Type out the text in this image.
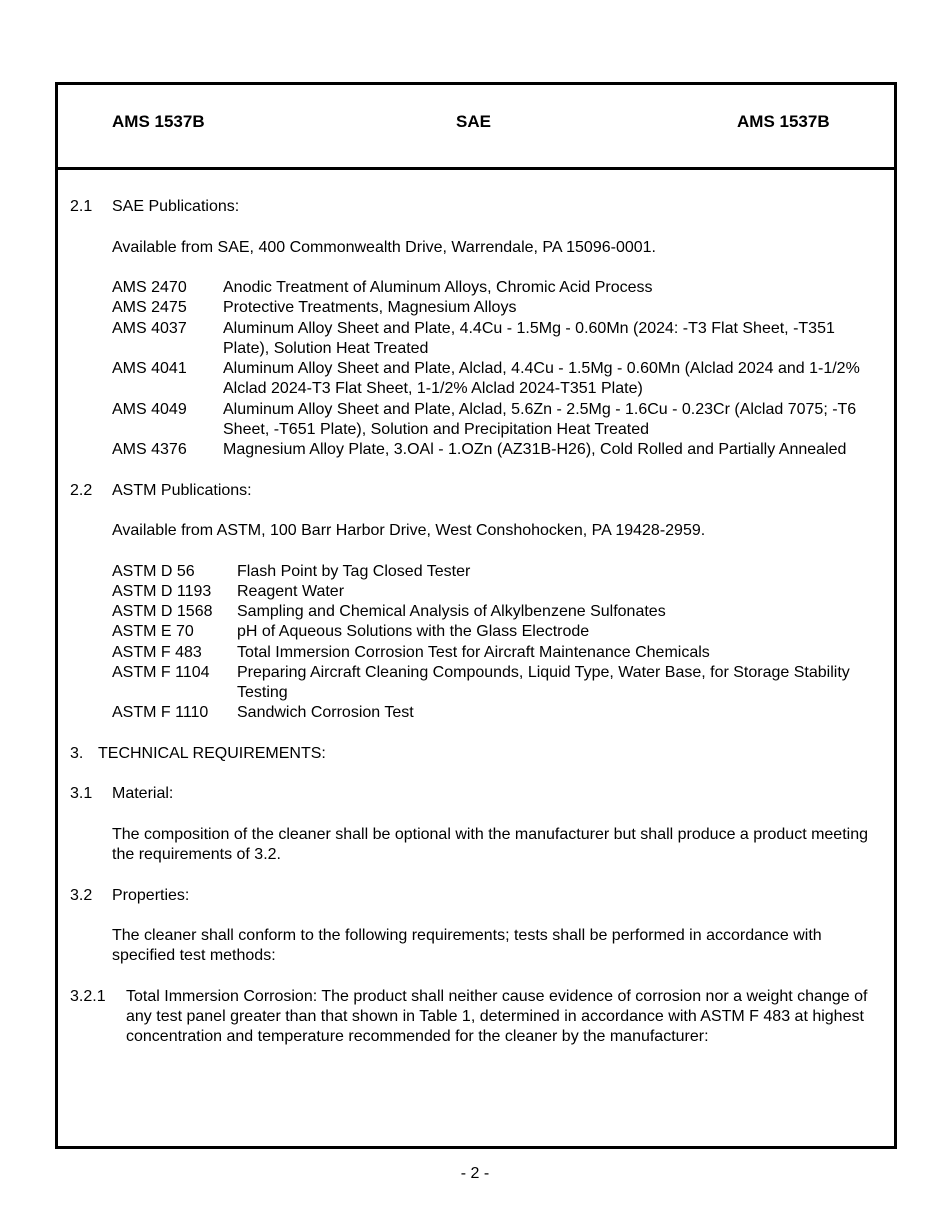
AMS 1537B	SAE	AMS 1537B
2.1	SAE Publications:
Available from SAE, 400 Commonwealth Drive, Warrendale, PA 15096-0001.
AMS 2470	Anodic Treatment of Aluminum Alloys, Chromic Acid Process
AMS 2475	Protective Treatments, Magnesium Alloys
AMS 4037	Aluminum Alloy Sheet and Plate, 4.4Cu - 1.5Mg - 0.60Mn (2024: -T3 Flat Sheet, -T351 Plate), Solution Heat Treated
AMS 4041	Aluminum Alloy Sheet and Plate, Alclad, 4.4Cu - 1.5Mg - 0.60Mn (Alclad 2024 and 1-1/2% Alclad 2024-T3 Flat Sheet, 1-1/2% Alclad 2024-T351 Plate)
AMS 4049	Aluminum Alloy Sheet and Plate, Alclad, 5.6Zn - 2.5Mg - 1.6Cu - 0.23Cr (Alclad 7075; -T6 Sheet, -T651 Plate), Solution and Precipitation Heat Treated
AMS 4376	Magnesium Alloy Plate, 3.OAl - 1.OZn (AZ31B-H26), Cold Rolled and Partially Annealed
2.2	ASTM Publications:
Available from ASTM, 100 Barr Harbor Drive, West Conshohocken, PA 19428-2959.
ASTM D 56	Flash Point by Tag Closed Tester
ASTM D 1193	Reagent Water
ASTM D 1568	Sampling and Chemical Analysis of Alkylbenzene Sulfonates
ASTM E 70	pH of Aqueous Solutions with the Glass Electrode
ASTM F 483	Total Immersion Corrosion Test for Aircraft Maintenance Chemicals
ASTM F 1104	Preparing Aircraft Cleaning Compounds, Liquid Type, Water Base, for Storage Stability Testing
ASTM F 1110	Sandwich Corrosion Test
3. TECHNICAL REQUIREMENTS:
3.1	Material:
The composition of the cleaner shall be optional with the manufacturer but shall produce a product meeting the requirements of 3.2.
3.2	Properties:
The cleaner shall conform to the following requirements; tests shall be performed in accordance with specified test methods:
3.2.1	Total Immersion Corrosion: The product shall neither cause evidence of corrosion nor a weight change of any test panel greater than that shown in Table 1, determined in accordance with ASTM F 483 at highest concentration and temperature recommended for the cleaner by the manufacturer:
- 2 -
